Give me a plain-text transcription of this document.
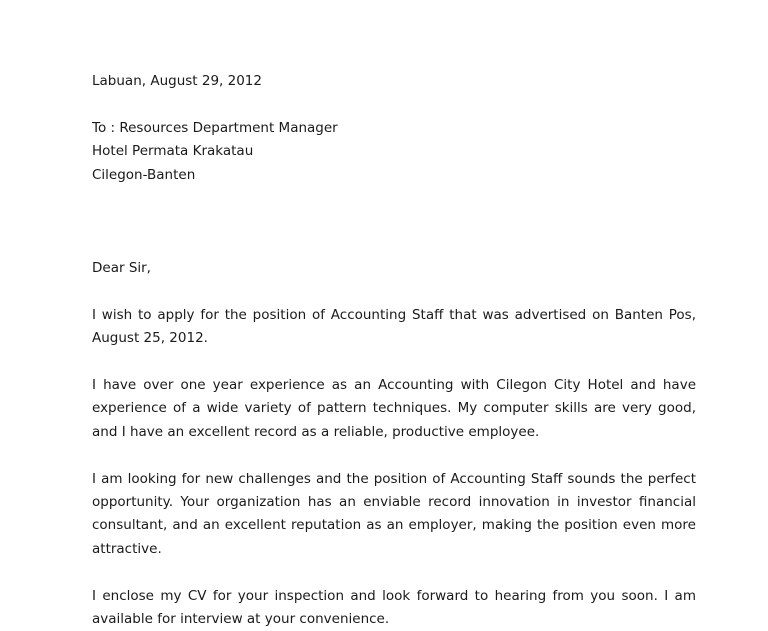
Labuan, August 29, 2012

To : Resources Department Manager

Hotel Permata Krakatau

Cilegon-Banten

Dear Sir,

I wish to apply for the position of Accounting Staff that was advertised on Banten Pos, August 25, 2012.

I have over one year experience as an Accounting with Cilegon City Hotel and have experience of a wide variety of pattern techniques. My computer skills are very good, and I have an excellent record as a reliable, productive employee.

I am looking for new challenges and the position of Accounting Staff sounds the perfect opportunity. Your organization has an enviable record innovation in investor financial consultant, and an excellent reputation as an employer, making the position even more attractive.

I enclose my CV for your inspection and look forward to hearing from you soon. I am available for interview at your convenience.
